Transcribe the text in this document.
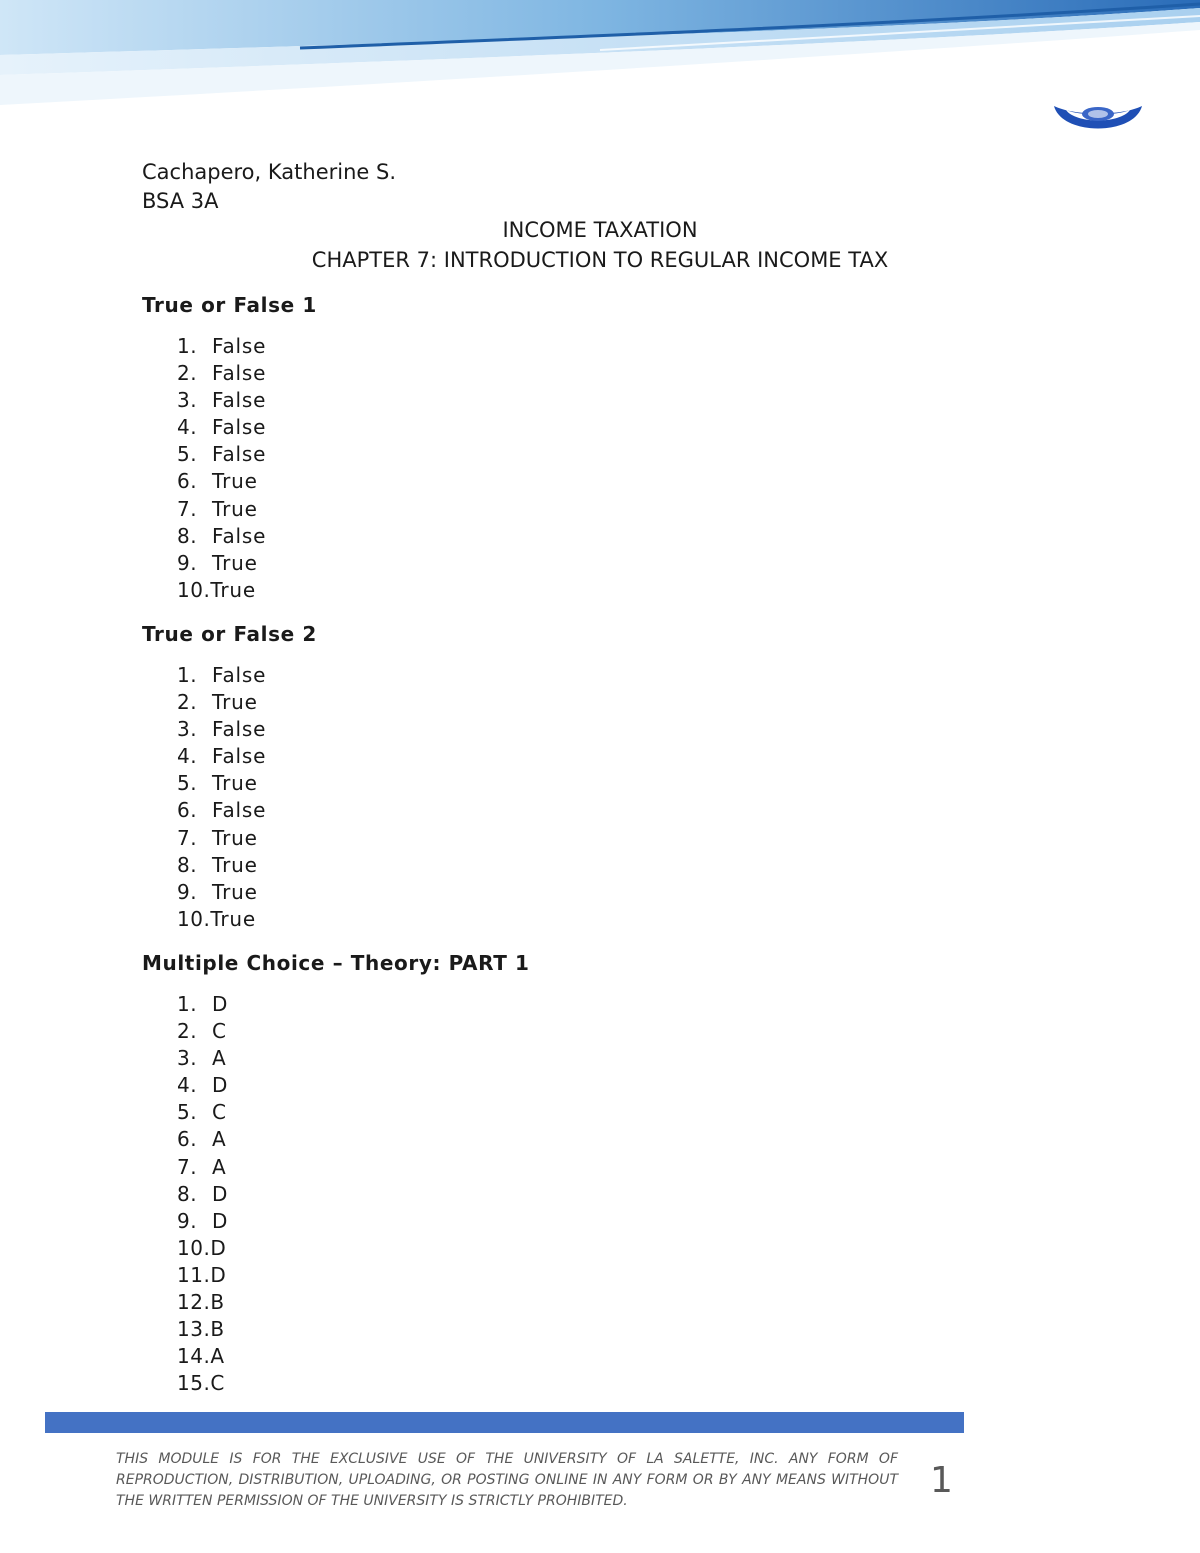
Cachapero, Katherine S.
BSA 3A
INCOME TAXATION
CHAPTER 7: INTRODUCTION TO REGULAR INCOME TAX
True or False 1
1. False
2. False
3. False
4. False
5. False
6. True
7. True
8. False
9. True
10. True
True or False 2
1. False
2. True
3. False
4. False
5. True
6. False
7. True
8. True
9. True
10. True
Multiple Choice – Theory: PART 1
1. D
2. C
3. A
4. D
5. C
6. A
7. A
8. D
9. D
10. D
11. D
12. B
13. B
14. A
15. C
THIS MODULE IS FOR THE EXCLUSIVE USE OF THE UNIVERSITY OF LA SALETTE, INC. ANY FORM OF REPRODUCTION, DISTRIBUTION, UPLOADING, OR POSTING ONLINE IN ANY FORM OR BY ANY MEANS WITHOUT THE WRITTEN PERMISSION OF THE UNIVERSITY IS STRICTLY PROHIBITED.	1
